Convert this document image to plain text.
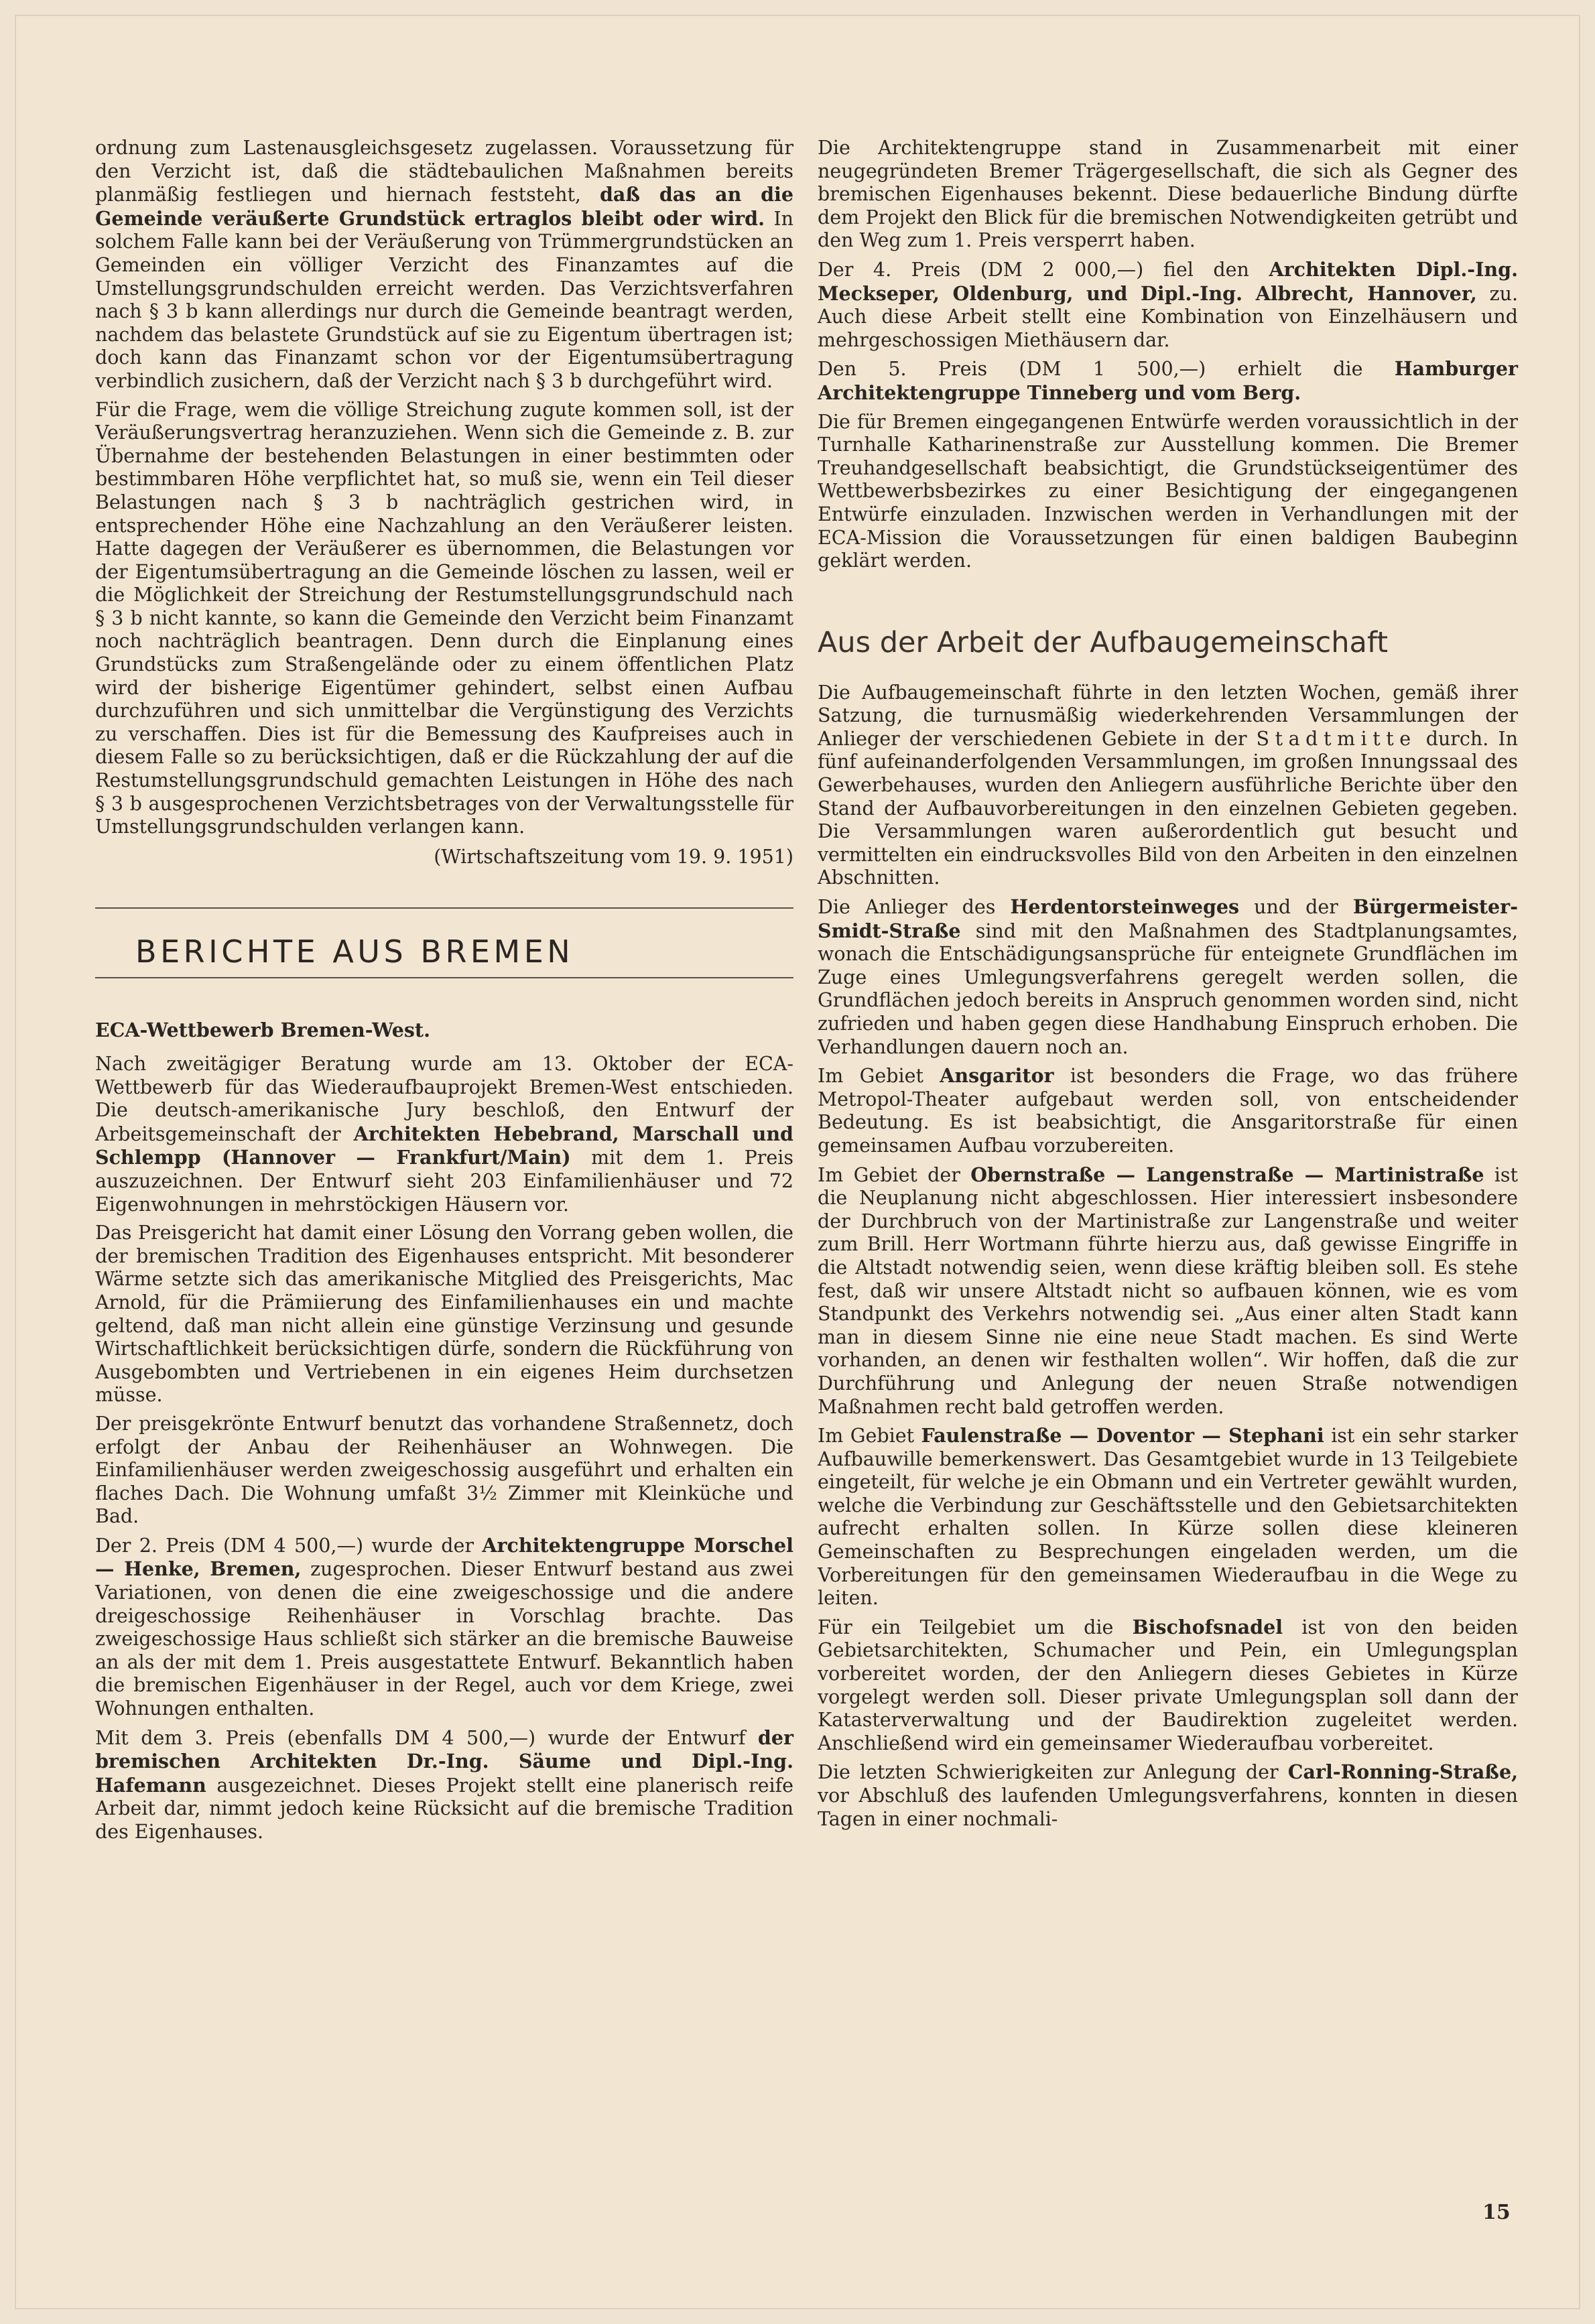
ordnung zum Lastenausgleichsgesetz zugelassen. Voraussetzung für den Verzicht ist, daß die städtebaulichen Maßnahmen bereits planmäßig festliegen und hiernach feststeht, daß das an die Gemeinde veräußerte Grundstück ertraglos bleibt oder wird. In solchem Falle kann bei der Veräußerung von Trümmergrundstücken an Gemeinden ein völliger Verzicht des Finanzamtes auf die Umstellungsgrundschulden erreicht werden. Das Verzichtsverfahren nach § 3 b kann allerdings nur durch die Gemeinde beantragt werden, nachdem das belastete Grundstück auf sie zu Eigentum übertragen ist; doch kann das Finanzamt schon vor der Eigentumsübertragung verbindlich zusichern, daß der Verzicht nach § 3 b durchgeführt wird.

Für die Frage, wem die völlige Streichung zugute kommen soll, ist der Veräußerungsvertrag heranzuziehen. Wenn sich die Gemeinde z. B. zur Übernahme der bestehenden Belastungen in einer bestimmten oder bestimmbaren Höhe verpflichtet hat, so muß sie, wenn ein Teil dieser Belastungen nach § 3 b nachträglich gestrichen wird, in entsprechender Höhe eine Nachzahlung an den Veräußerer leisten. Hatte dagegen der Veräußerer es übernommen, die Belastungen vor der Eigentumsübertragung an die Gemeinde löschen zu lassen, weil er die Möglichkeit der Streichung der Restumstellungsgrundschuld nach § 3 b nicht kannte, so kann die Gemeinde den Verzicht beim Finanzamt noch nachträglich beantragen. Denn durch die Einplanung eines Grundstücks zum Straßengelände oder zu einem öffentlichen Platz wird der bisherige Eigentümer gehindert, selbst einen Aufbau durchzuführen und sich unmittelbar die Vergünstigung des Verzichts zu verschaffen. Dies ist für die Bemessung des Kaufpreises auch in diesem Falle so zu berücksichtigen, daß er die Rückzahlung der auf die Restumstellungsgrundschuld gemachten Leistungen in Höhe des nach § 3 b ausgesprochenen Verzichtsbetrages von der Verwaltungsstelle für Umstellungsgrundschulden verlangen kann.

(Wirtschaftszeitung vom 19. 9. 1951)

BERICHTE AUS BREMEN

ECA-Wettbewerb Bremen-West.

Nach zweitägiger Beratung wurde am 13. Oktober der ECA-Wettbewerb für das Wiederaufbauprojekt Bremen-West entschieden. Die deutsch-amerikanische Jury beschloß, den Entwurf der Arbeitsgemeinschaft der Architekten Hebebrand, Marschall und Schlempp (Hannover — Frankfurt/Main) mit dem 1. Preis auszuzeichnen. Der Entwurf sieht 203 Einfamilienhäuser und 72 Eigenwohnungen in mehrstöckigen Häusern vor.

Das Preisgericht hat damit einer Lösung den Vorrang geben wollen, die der bremischen Tradition des Eigenhauses entspricht. Mit besonderer Wärme setzte sich das amerikanische Mitglied des Preisgerichts, Mac Arnold, für die Prämiierung des Einfamilienhauses ein und machte geltend, daß man nicht allein eine günstige Verzinsung und gesunde Wirtschaftlichkeit berücksichtigen dürfe, sondern die Rückführung von Ausgebombten und Vertriebenen in ein eigenes Heim durchsetzen müsse.

Der preisgekrönte Entwurf benutzt das vorhandene Straßennetz, doch erfolgt der Anbau der Reihenhäuser an Wohnwegen. Die Einfamilienhäuser werden zweigeschossig ausgeführt und erhalten ein flaches Dach. Die Wohnung umfaßt 3½ Zimmer mit Kleinküche und Bad.

Der 2. Preis (DM 4 500,—) wurde der Architektengruppe Morschel — Henke, Bremen, zugesprochen. Dieser Entwurf bestand aus zwei Variationen, von denen die eine zweigeschossige und die andere dreigeschossige Reihenhäuser in Vorschlag brachte. Das zweigeschossige Haus schließt sich stärker an die bremische Bauweise an als der mit dem 1. Preis ausgestattete Entwurf. Bekanntlich haben die bremischen Eigenhäuser in der Regel, auch vor dem Kriege, zwei Wohnungen enthalten.

Mit dem 3. Preis (ebenfalls DM 4 500,—) wurde der Entwurf der bremischen Architekten Dr.-Ing. Säume und Dipl.-Ing. Hafemann ausgezeichnet. Dieses Projekt stellt eine planerisch reife Arbeit dar, nimmt jedoch keine Rücksicht auf die bremische Tradition des Eigenhauses.

Die Architektengruppe stand in Zusammenarbeit mit einer neugegründeten Bremer Trägergesellschaft, die sich als Gegner des bremischen Eigenhauses bekennt. Diese bedauerliche Bindung dürfte dem Projekt den Blick für die bremischen Notwendigkeiten getrübt und den Weg zum 1. Preis versperrt haben.

Der 4. Preis (DM 2 000,—) fiel den Architekten Dipl.-Ing. Meckseper, Oldenburg, und Dipl.-Ing. Albrecht, Hannover, zu. Auch diese Arbeit stellt eine Kombination von Einzelhäusern und mehrgeschossigen Miethäusern dar.

Den 5. Preis (DM 1 500,—) erhielt die Hamburger Architektengruppe Tinneberg und vom Berg.

Die für Bremen eingegangenen Entwürfe werden voraussichtlich in der Turnhalle Katharinenstraße zur Ausstellung kommen. Die Bremer Treuhandgesellschaft beabsichtigt, die Grundstückseigentümer des Wettbewerbsbezirkes zu einer Besichtigung der eingegangenen Entwürfe einzuladen. Inzwischen werden in Verhandlungen mit der ECA-Mission die Voraussetzungen für einen baldigen Baubeginn geklärt werden.

Aus der Arbeit der Aufbaugemeinschaft

Die Aufbaugemeinschaft führte in den letzten Wochen, gemäß ihrer Satzung, die turnusmäßig wiederkehrenden Versammlungen der Anlieger der verschiedenen Gebiete in der Stadtmitte durch. In fünf aufeinanderfolgenden Versammlungen, im großen Innungssaal des Gewerbehauses, wurden den Anliegern ausführliche Berichte über den Stand der Aufbauvorbereitungen in den einzelnen Gebieten gegeben. Die Versammlungen waren außerordentlich gut besucht und vermittelten ein eindrucksvolles Bild von den Arbeiten in den einzelnen Abschnitten.

Die Anlieger des Herdentorsteinweges und der Bürgermeister-Smidt-Straße sind mit den Maßnahmen des Stadtplanungsamtes, wonach die Entschädigungsansprüche für enteignete Grundflächen im Zuge eines Umlegungsverfahrens geregelt werden sollen, die Grundflächen jedoch bereits in Anspruch genommen worden sind, nicht zufrieden und haben gegen diese Handhabung Einspruch erhoben. Die Verhandlungen dauern noch an.

Im Gebiet Ansgaritor ist besonders die Frage, wo das frühere Metropol-Theater aufgebaut werden soll, von entscheidender Bedeutung. Es ist beabsichtigt, die Ansgaritorstraße für einen gemeinsamen Aufbau vorzubereiten.

Im Gebiet der Obernstraße — Langenstraße — Martinistraße ist die Neuplanung nicht abgeschlossen. Hier interessiert insbesondere der Durchbruch von der Martinistraße zur Langenstraße und weiter zum Brill. Herr Wortmann führte hierzu aus, daß gewisse Eingriffe in die Altstadt notwendig seien, wenn diese kräftig bleiben soll. Es stehe fest, daß wir unsere Altstadt nicht so aufbauen können, wie es vom Standpunkt des Verkehrs notwendig sei. „Aus einer alten Stadt kann man in diesem Sinne nie eine neue Stadt machen. Es sind Werte vorhanden, an denen wir festhalten wollen“. Wir hoffen, daß die zur Durchführung und Anlegung der neuen Straße notwendigen Maßnahmen recht bald getroffen werden.

Im Gebiet Faulenstraße — Doventor — Stephani ist ein sehr starker Aufbauwille bemerkenswert. Das Gesamtgebiet wurde in 13 Teilgebiete eingeteilt, für welche je ein Obmann und ein Vertreter gewählt wurden, welche die Verbindung zur Geschäftsstelle und den Gebietsarchitekten aufrecht erhalten sollen. In Kürze sollen diese kleineren Gemeinschaften zu Besprechungen eingeladen werden, um die Vorbereitungen für den gemeinsamen Wiederaufbau in die Wege zu leiten.

Für ein Teilgebiet um die Bischofsnadel ist von den beiden Gebietsarchitekten, Schumacher und Pein, ein Umlegungsplan vorbereitet worden, der den Anliegern dieses Gebietes in Kürze vorgelegt werden soll. Dieser private Umlegungsplan soll dann der Katasterverwaltung und der Baudirektion zugeleitet werden. Anschließend wird ein gemeinsamer Wiederaufbau vorbereitet.

Die letzten Schwierigkeiten zur Anlegung der Carl-Ronning-Straße, vor Abschluß des laufenden Umlegungsverfahrens, konnten in diesen Tagen in einer nochmali-

15
